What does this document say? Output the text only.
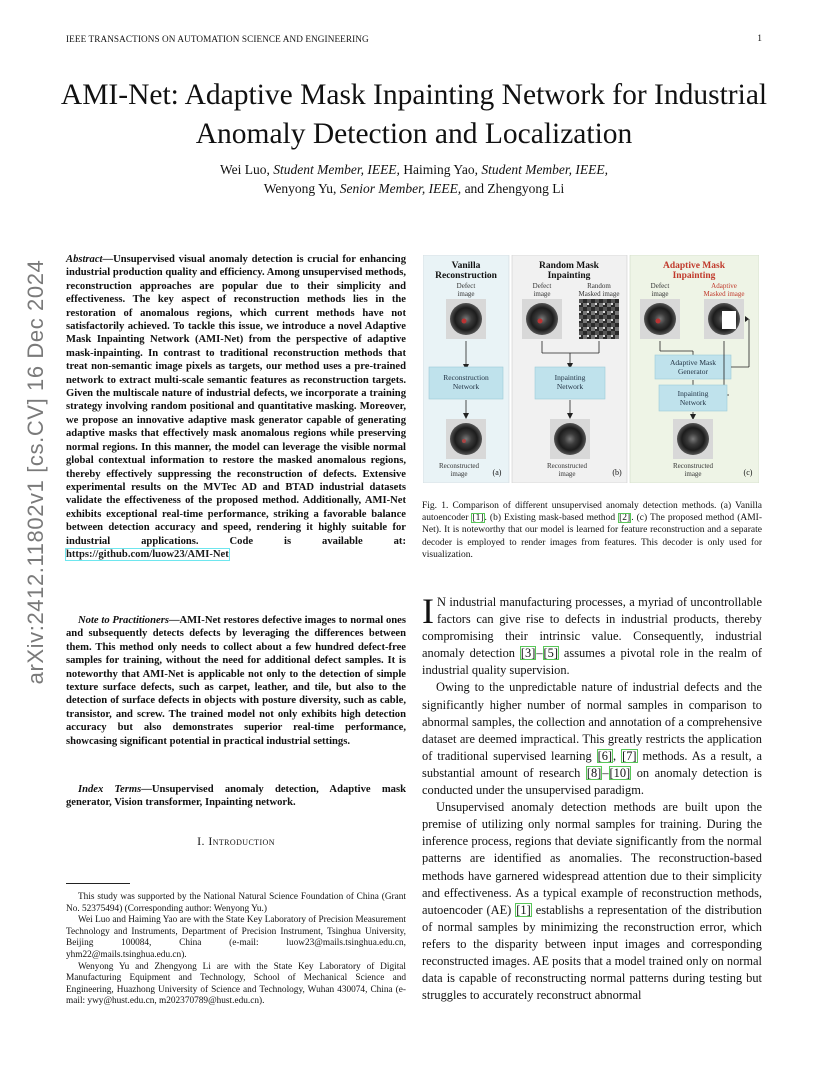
IEEE TRANSACTIONS ON AUTOMATION SCIENCE AND ENGINEERING	1
AMI-Net: Adaptive Mask Inpainting Network for Industrial Anomaly Detection and Localization
Wei Luo, Student Member, IEEE, Haiming Yao, Student Member, IEEE,
Wenyong Yu, Senior Member, IEEE, and Zhengyong Li
arXiv:2412.11802v1 [cs.CV] 16 Dec 2024
Abstract—Unsupervised visual anomaly detection is crucial for enhancing industrial production quality and efficiency. Among unsupervised methods, reconstruction approaches are popular due to their simplicity and effectiveness. The key aspect of reconstruction methods lies in the restoration of anomalous regions, which current methods have not satisfactorily achieved. To tackle this issue, we introduce a novel Adaptive Mask Inpainting Network (AMI-Net) from the perspective of adaptive mask-inpainting. In contrast to traditional reconstruction methods that treat non-semantic image pixels as targets, our method uses a pre-trained network to extract multi-scale semantic features as reconstruction targets. Given the multiscale nature of industrial defects, we incorporate a training strategy involving random positional and quantitative masking. Moreover, we propose an innovative adaptive mask generator capable of generating adaptive masks that effectively mask anomalous regions while preserving normal regions. In this manner, the model can leverage the visible normal global contextual information to restore the masked anomalous regions, thereby effectively suppressing the reconstruction of defects. Extensive experimental results on the MVTec AD and BTAD industrial datasets validate the effectiveness of the proposed method. Additionally, AMI-Net exhibits exceptional real-time performance, striking a favorable balance between detection accuracy and speed, rendering it highly suitable for industrial applications. Code is available at: https://github.com/luow23/AMI-Net
Note to Practitioners—AMI-Net restores defective images to normal ones and subsequently detects defects by leveraging the differences between them. This method only needs to collect about a few hundred defect-free samples for training, without the need for additional defect samples. It is noteworthy that AMI-Net is applicable not only to the detection of simple texture surface defects, such as carpet, leather, and tile, but also to the detection of surface defects in objects with posture diversity, such as cable, transistor, and screw. The trained model not only exhibits high detection accuracy but also demonstrates superior real-time performance, showcasing significant potential in practical industrial settings.
Index Terms—Unsupervised anomaly detection, Adaptive mask generator, Vision transformer, Inpainting network.
I. Introduction

This study was supported by the National Natural Science Foundation of China (Grant No. 52375494) (Corresponding author: Wenyong Yu.)

Wei Luo and Haiming Yao are with the State Key Laboratory of Precision Measurement Technology and Instruments, Department of Precision Instrument, Tsinghua University, Beijing 100084, China (e-mail: luow23@mails.tsinghua.edu.cn, yhm22@mails.tsinghua.edu.cn).

Wenyong Yu and Zhengyong Li are with the State Key Laboratory of Digital Manufacturing Equipment and Technology, School of Mechanical Science and Engineering, Huazhong University of Science and Technology, Wuhan 430074, China (e-mail: ywy@hust.edu.cn, m202370789@hust.edu.cn).

Vanilla
Reconstruction
Defect
image
Reconstruction
Network
Reconstructed
image	(a)
Random Mask
Inpainting
Defect
image
Random
Masked image
Inpainting
Network
Reconstructed
image	(b)
Adaptive Mask
Inpainting
Defect
image
Adaptive
Masked image
Adaptive Mask
Generator
Inpainting
Network
Reconstructed
image	(c)
Fig. 1. Comparison of different unsupervised anomaly detection methods. (a) Vanilla autoencoder [1]. (b) Existing mask-based method [2]. (c) The proposed method (AMI-Net). It is noteworthy that our model is learned for feature reconstruction and a separate decoder is employed to render images from features. This decoder is only used for visualization.

I N industrial manufacturing processes, a myriad of uncontrollable factors can give rise to defects in industrial products, thereby compromising their intrinsic value. Consequently, industrial anomaly detection [3]–[5] assumes a pivotal role in the realm of industrial quality supervision.

Owing to the unpredictable nature of industrial defects and the significantly higher number of normal samples in comparison to abnormal samples, the collection and annotation of a comprehensive dataset are deemed impractical. This greatly restricts the application of traditional supervised learning [6], [7] methods. As a result, a substantial amount of research [8]–[10] on anomaly detection is conducted under the unsupervised paradigm.

Unsupervised anomaly detection methods are built upon the premise of utilizing only normal samples for training. During the inference process, regions that deviate significantly from the normal patterns are identified as anomalies. The reconstruction-based methods have garnered widespread attention due to their simplicity and effectiveness. As a typical example of reconstruction methods, autoencoder (AE) [1] establishs a representation of the distribution of normal samples by minimizing the reconstruction error, which refers to the disparity between input images and corresponding reconstructed images. AE posits that a model trained only on normal data is capable of reconstructing normal patterns during testing but struggles to accurately reconstruct abnormal
